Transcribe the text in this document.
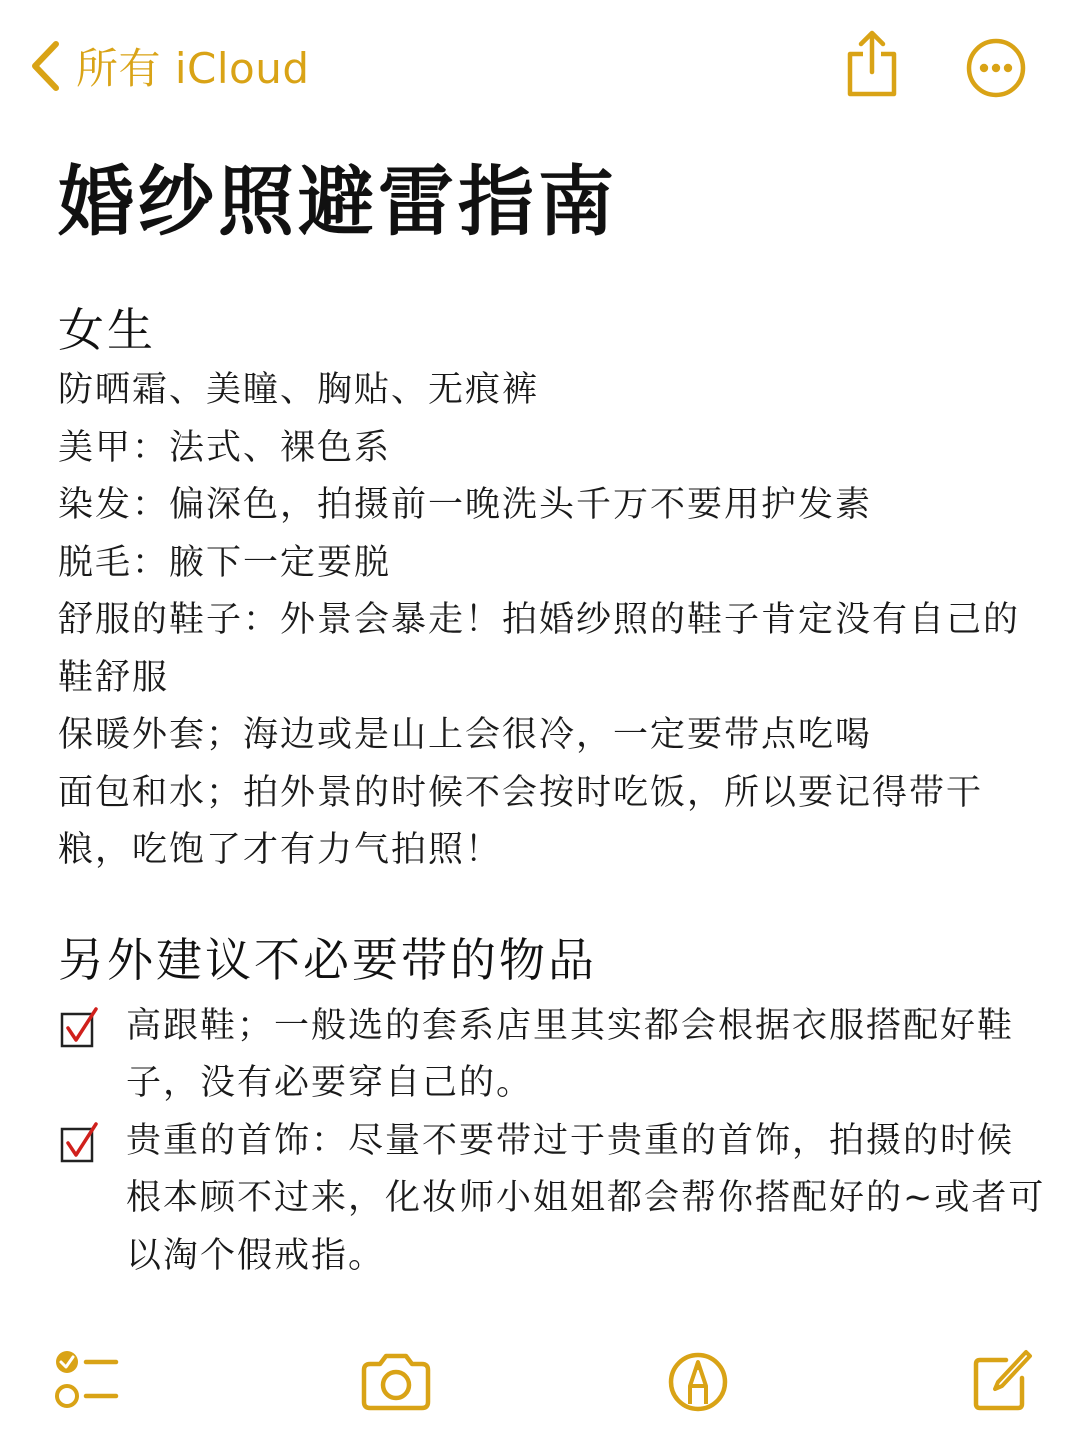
所有 iCloud
婚纱照避雷指南
女生

防晒霜、美瞳、胸贴、无痕裤

美甲：法式、裸色系

染发：偏深色，拍摄前一晚洗头千万不要用护发素

脱毛：腋下一定要脱

舒服的鞋子：外景会暴走！拍婚纱照的鞋子肯定没有自己的鞋舒服

保暖外套；海边或是山上会很冷，一定要带点吃喝

面包和水；拍外景的时候不会按时吃饭，所以要记得带干粮，吃饱了才有力气拍照！

另外建议不必要带的物品
高跟鞋；一般选的套系店里其实都会根据衣服搭配好鞋子，没有必要穿自己的。
贵重的首饰：尽量不要带过于贵重的首饰，拍摄的时候根本顾不过来，化妆师小姐姐都会帮你搭配好的~或者可以淘个假戒指。
